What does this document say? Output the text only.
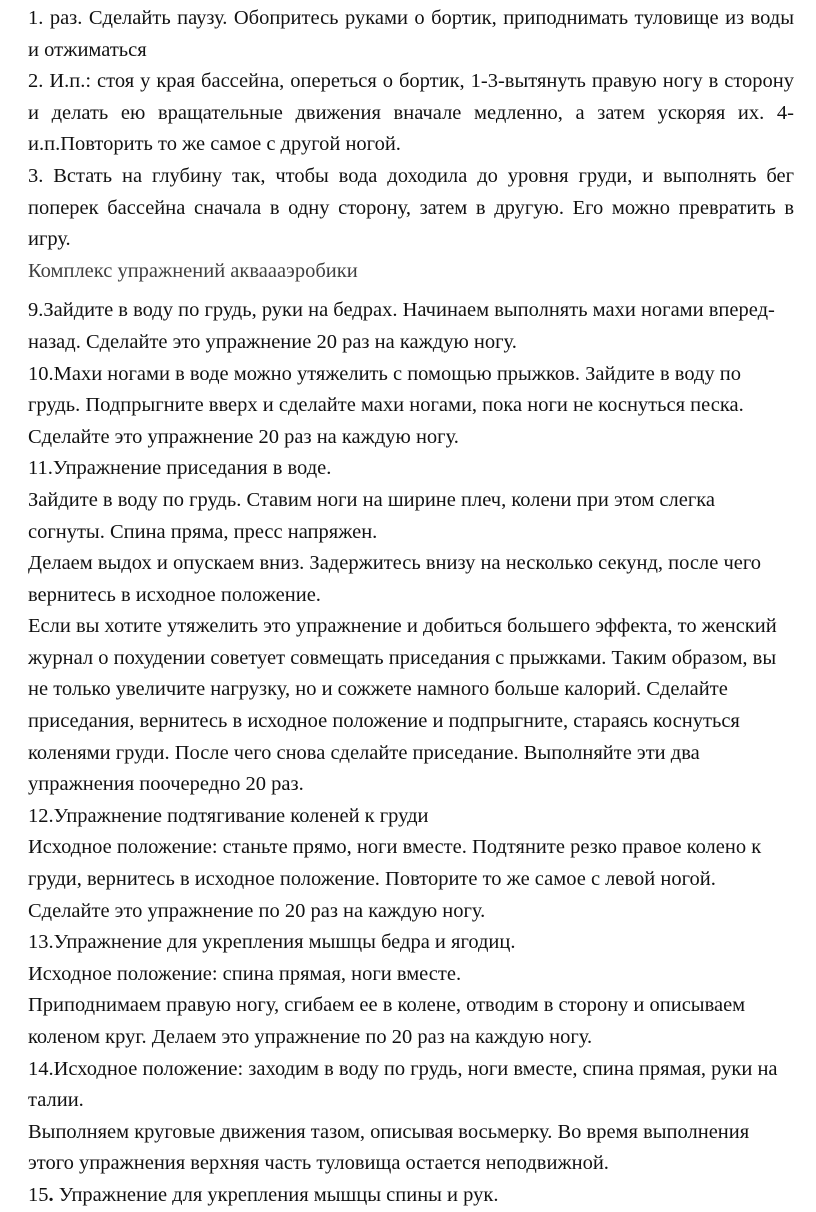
1. раз. Сделайть паузу. Обопритесь руками о бортик, приподнимать туловище из воды и отжиматься

2. И.п.: стоя у края бассейна, опереться о бортик, 1-3-вытянуть правую ногу в сторону и делать ею вращательные движения вначале медленно, а затем ускоряя их. 4-и.п.Повторить то же самое с другой ногой.

3. Встать на глубину так, чтобы вода доходила до уровня груди, и выполнять бег поперек бассейна сначала в одну сторону, затем в другую. Его можно превратить в игру.

Комплекс упражнений акваааэробики

9.Зайдите в воду по грудь, руки на бедрах. Начинаем выполнять махи ногами вперед-назад. Сделайте это упражнение 20 раз на каждую ногу.

10.Махи ногами в воде можно утяжелить с помощью прыжков. Зайдите в воду по грудь. Подпрыгните вверх и сделайте махи ногами, пока ноги не коснуться песка. Сделайте это упражнение 20 раз на каждую ногу.

11.Упражнение приседания в воде.

Зайдите в воду по грудь. Ставим ноги на ширине плеч, колени при этом слегка согнуты. Спина пряма, пресс напряжен.

Делаем выдох и опускаем вниз. Задержитесь внизу на несколько секунд, после чего вернитесь в исходное положение.

Если вы хотите утяжелить это упражнение и добиться большего эффекта, то женский журнал о похудении советует совмещать приседания с прыжками. Таким образом, вы не только увеличите нагрузку, но и сожжете намного больше калорий. Сделайте приседания, вернитесь в исходное положение и подпрыгните, стараясь коснуться коленями груди. После чего снова сделайте приседание. Выполняйте эти два упражнения поочередно 20 раз.

12.Упражнение подтягивание коленей к груди

Исходное положение: станьте прямо, ноги вместе. Подтяните резко правое колено к груди, вернитесь в исходное положение. Повторите то же самое с левой ногой. Сделайте это упражнение по 20 раз на каждую ногу.

13.Упражнение для укрепления мышцы бедра и ягодиц.

Исходное положение: спина прямая, ноги вместе.

Приподнимаем правую ногу, сгибаем ее в колене, отводим в сторону и описываем коленом круг. Делаем это упражнение по 20 раз на каждую ногу.

14.Исходное положение: заходим в воду по грудь, ноги вместе, спина прямая, руки на талии.

Выполняем круговые движения тазом, описывая восьмерку. Во время выполнения этого упражнения верхняя часть туловища остается неподвижной.

15. Упражнение для укрепления мышцы спины и рук.
